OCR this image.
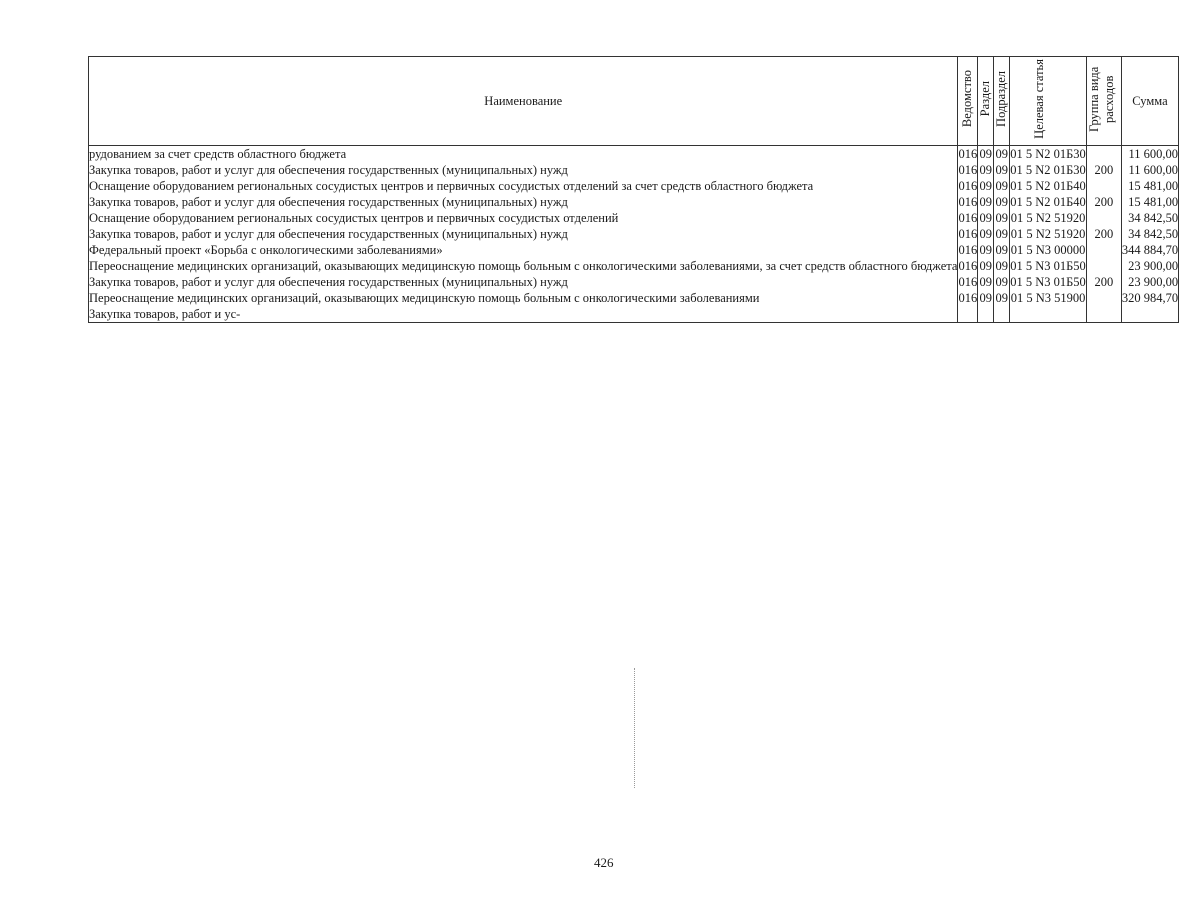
Наименование	Ведомство	Раздел	Подраздел	Целевая статья	Группа вида расходов	Сумма
рудованием за счет средств областного бюджета	016	09	09	01 5 N2 01Б30		11 600,00
Закупка товаров, работ и услуг для обеспечения государственных (муниципальных) нужд	016	09	09	01 5 N2 01Б30	200	11 600,00
Оснащение оборудованием региональных сосудистых центров и первичных сосудистых отделений за счет средств областного бюджета	016	09	09	01 5 N2 01Б40		15 481,00
Закупка товаров, работ и услуг для обеспечения государственных (муниципальных) нужд	016	09	09	01 5 N2 01Б40	200	15 481,00
Оснащение оборудованием региональных сосудистых центров и первичных сосудистых отделений	016	09	09	01 5 N2 51920		34 842,50
Закупка товаров, работ и услуг для обеспечения государственных (муниципальных) нужд	016	09	09	01 5 N2 51920	200	34 842,50
Федеральный проект «Борьба с онкологическими заболеваниями»	016	09	09	01 5 N3 00000		344 884,70
Переоснащение медицинских организаций, оказывающих медицинскую помощь больным с онкологическими заболеваниями, за счет средств областного бюджета	016	09	09	01 5 N3 01Б50		23 900,00
Закупка товаров, работ и услуг для обеспечения государственных (муниципальных) нужд	016	09	09	01 5 N3 01Б50	200	23 900,00
Переоснащение медицинских организаций, оказывающих медицинскую помощь больным с онкологическими заболеваниями	016	09	09	01 5 N3 51900		320 984,70
Закупка товаров, работ и ус-						
426
